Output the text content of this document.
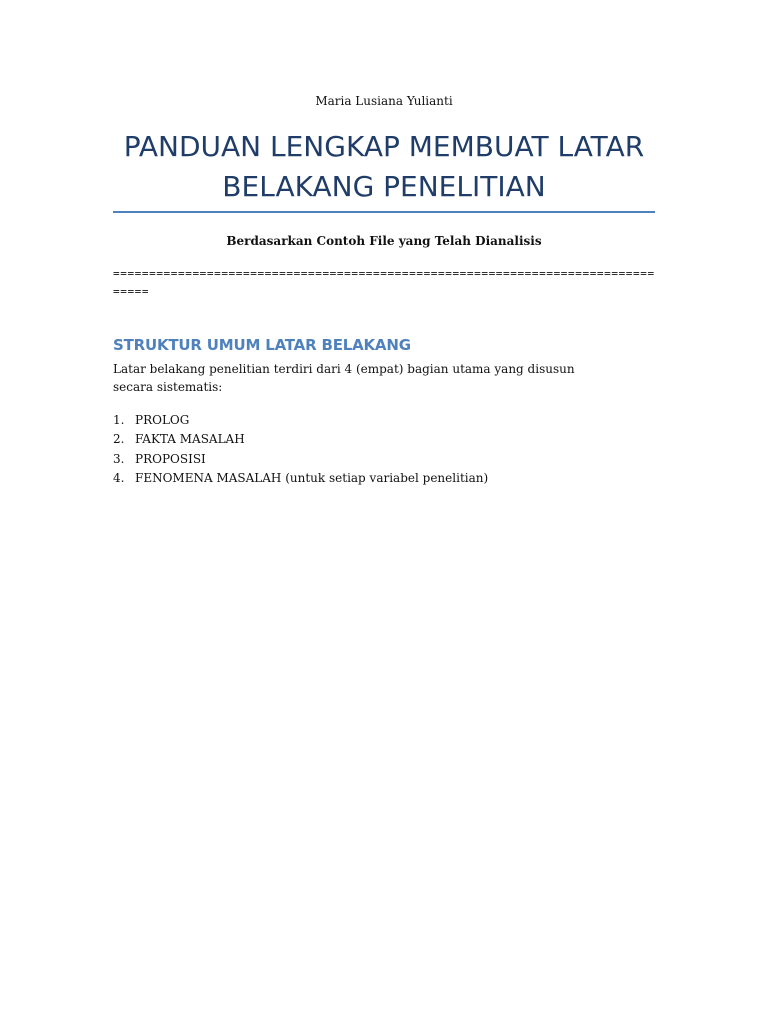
Maria Lusiana Yulianti
PANDUAN LENGKAP MEMBUAT LATAR BELAKANG PENELITIAN
Berdasarkan Contoh File yang Telah Dianalisis
================================================================================
STRUKTUR UMUM LATAR BELAKANG

Latar belakang penelitian terdiri dari 4 (empat) bagian utama yang disusun secara sistematis:

1. PROLOG
2. FAKTA MASALAH
3. PROPOSISI
4. FENOMENA MASALAH (untuk setiap variabel penelitian)
